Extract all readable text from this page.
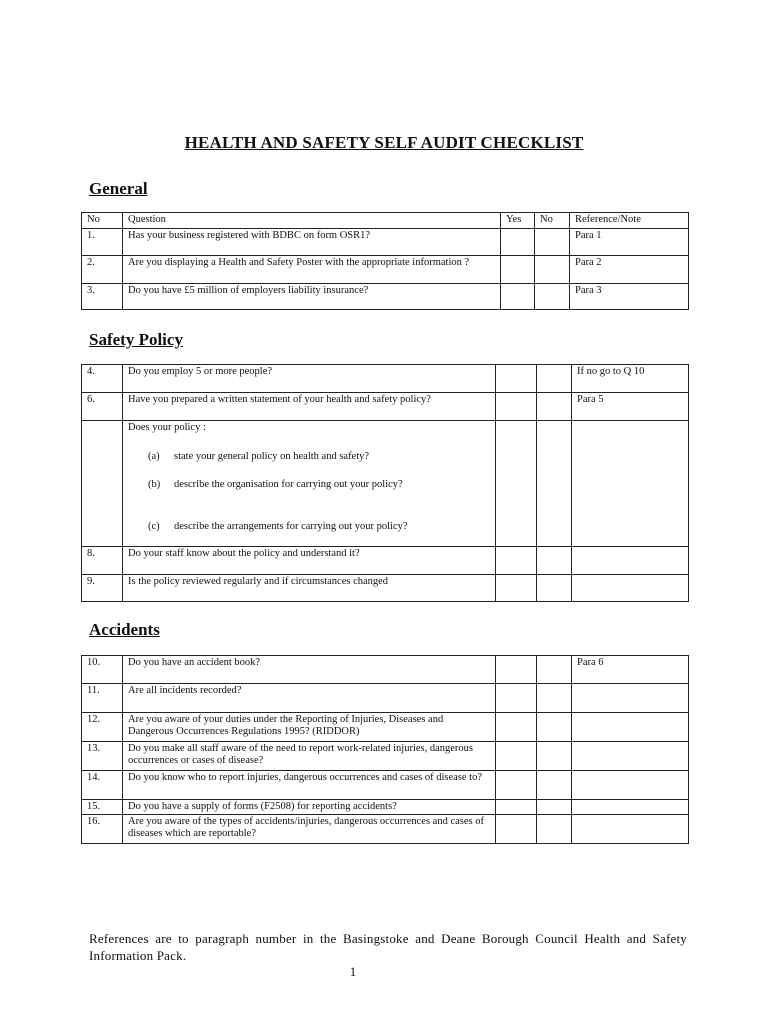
HEALTH AND SAFETY SELF AUDIT CHECKLIST
General
No	Question	Yes	No	Reference/Note
1.	Has your business registered with BDBC on form OSR1?			Para 1
2.	Are you displaying a Health and Safety Poster with the appropriate information ?			Para 2
3.	Do you have £5 million of employers liability insurance?			Para 3
Safety Policy
4.	Do you employ 5 or more people?			If no go to Q 10
6.	Have you prepared a written statement of your health and safety policy?			Para 5

	Does your policy :
(a) state your general policy on health and safety?
(b) describe the organisation for carrying out your policy?
(c) describe the arrangements for carrying out your policy?			

8.	Do your staff know about the policy and understand it?			
9.	Is the policy reviewed regularly and if circumstances changed			
Accidents
10.	Do you have an accident book?			Para 6
11.	Are all incidents recorded?			
12.	Are you aware of your duties under the Reporting of Injuries, Diseases and Dangerous Occurrences Regulations 1995? (RIDDOR)			
13.	Do you make all staff aware of the need to report work-related injuries, dangerous occurrences or cases of disease?			
14.	Do you know who to report injuries, dangerous occurrences and cases of disease to?			
15.	Do you have a supply of forms (F2508) for reporting accidents?			
16.	Are you aware of the types of accidents/injuries, dangerous occurrences and cases of diseases which are reportable?			
References are to paragraph number in the Basingstoke and Deane Borough Council Health and Safety Information Pack.
1
